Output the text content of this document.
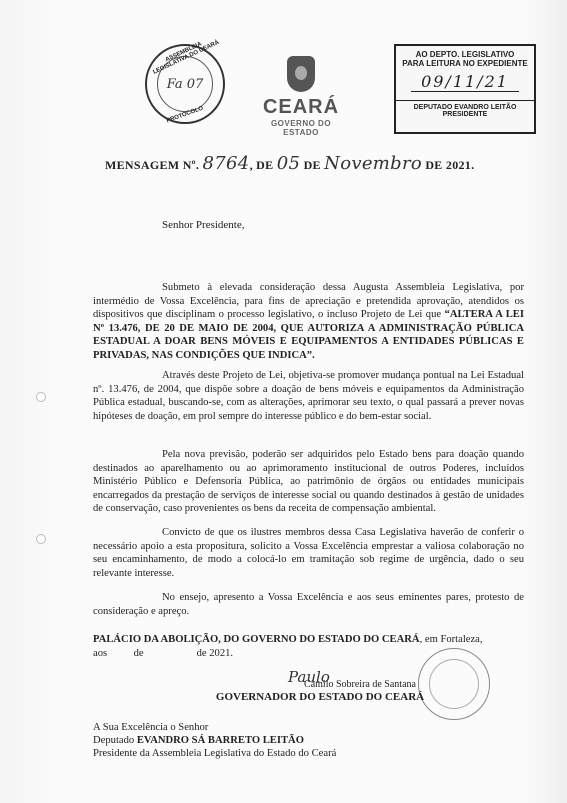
ASSEMBLEIA LEGISLATIVA DO CEARÁ
Fa 07
PROTOCOLO	CEARÁ
GOVERNO DO ESTADO
AO DEPTO. LEGISLATIVO
PARA LEITURA NO EXPEDIENTE
09/11/21
DEPUTADO EVANDRO LEITÃO
PRESIDENTE
MENSAGEM Nº. 8764, DE 05 DE Novembro DE 2021.
Senhor Presidente,
Submeto à elevada consideração dessa Augusta Assembleia Legislativa, por intermédio de Vossa Excelência, para fins de apreciação e pretendida aprovação, atendidos os dispositivos que disciplinam o processo legislativo, o incluso Projeto de Lei que “ALTERA A LEI Nº 13.476, DE 20 DE MAIO DE 2004, QUE AUTORIZA A ADMINISTRAÇÃO PÚBLICA ESTADUAL A DOAR BENS MÓVEIS E EQUIPAMENTOS A ENTIDADES PÚBLICAS E PRIVADAS, NAS CONDIÇÕES QUE INDICA”.
Através deste Projeto de Lei, objetiva-se promover mudança pontual na Lei Estadual nº. 13.476, de 2004, que dispõe sobre a doação de bens móveis e equipamentos da Administração Pública estadual, buscando-se, com as alterações, aprimorar seu texto, o qual passará a prever novas hipóteses de doação, em prol sempre do interesse público e do bem-estar social.
Pela nova previsão, poderão ser adquiridos pelo Estado bens para doação quando destinados ao aparelhamento ou ao aprimoramento institucional de outros Poderes, incluídos Ministério Público e Defensoria Pública, ao patrimônio de órgãos ou entidades municipais encarregados da prestação de serviços de interesse social ou quando destinados à gestão de unidades de conservação, caso provenientes os bens da receita de compensação ambiental.
Convicto de que os ilustres membros dessa Casa Legislativa haverão de conferir o necessário apoio a esta propositura, solicito a Vossa Excelência emprestar a valiosa colaboração no seu encaminhamento, de modo a colocá-lo em tramitação sob regime de urgência, dado o seu relevante interesse.
No ensejo, apresento a Vossa Excelência e aos seus eminentes pares, protesto de consideração e apreço.
PALÁCIO DA ABOLIÇÃO, DO GOVERNO DO ESTADO DO CEARÁ, em Fortaleza,
aos          de                    de 2021.
Paulo
Camilo Sobreira de Santana
GOVERNADOR DO ESTADO DO CEARÁ
A Sua Excelência o Senhor
Deputado EVANDRO SÁ BARRETO LEITÃO
Presidente da Assembleia Legislativa do Estado do Ceará
